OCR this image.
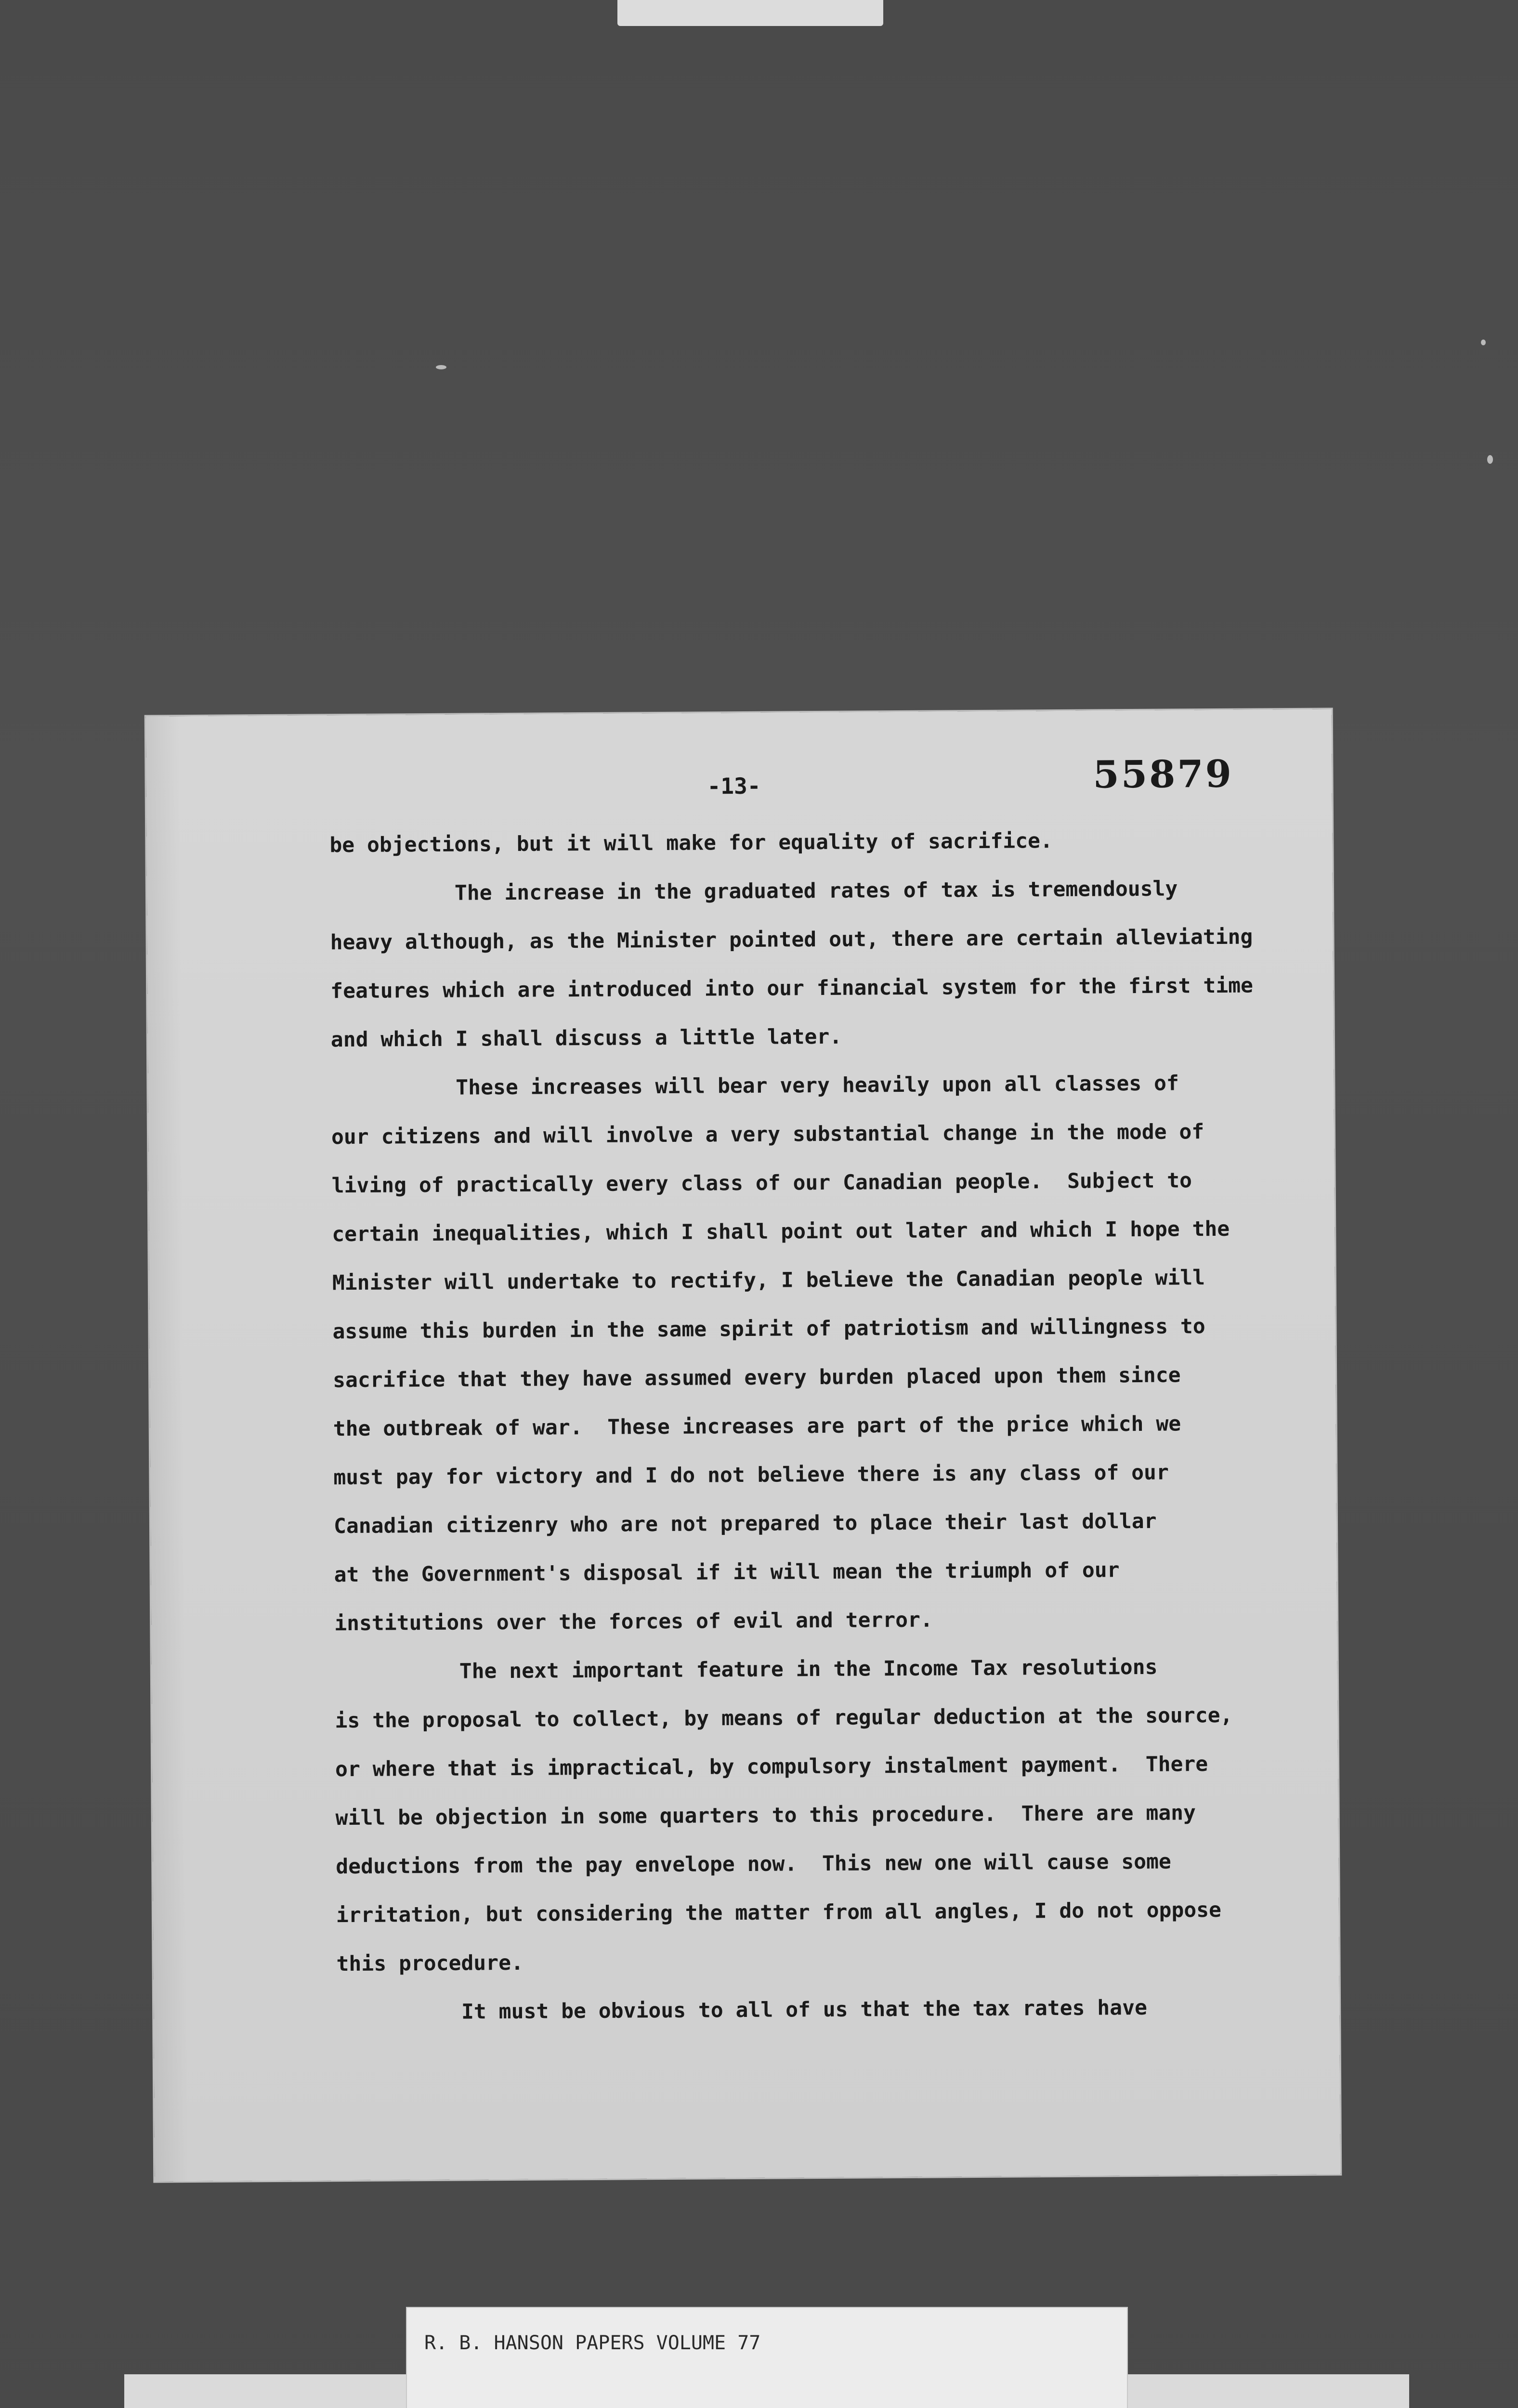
-13-	55879
be objections, but it will make for equality of sacrifice.
The increase in the graduated rates of tax is tremendously
heavy although, as the Minister pointed out, there are certain alleviating
features which are introduced into our financial system for the first time
and which I shall discuss a little later.
These increases will bear very heavily upon all classes of
our citizens and will involve a very substantial change in the mode of
living of practically every class of our Canadian people.  Subject to
certain inequalities, which I shall point out later and which I hope the
Minister will undertake to rectify, I believe the Canadian people will
assume this burden in the same spirit of patriotism and willingness to
sacrifice that they have assumed every burden placed upon them since
the outbreak of war.  These increases are part of the price which we
must pay for victory and I do not believe there is any class of our
Canadian citizenry who are not prepared to place their last dollar
at the Government's disposal if it will mean the triumph of our
institutions over the forces of evil and terror.
The next important feature in the Income Tax resolutions
is the proposal to collect, by means of regular deduction at the source,
or where that is impractical, by compulsory instalment payment.  There
will be objection in some quarters to this procedure.  There are many
deductions from the pay envelope now.  This new one will cause some
irritation, but considering the matter from all angles, I do not oppose
this procedure.
It must be obvious to all of us that the tax rates have
R. B. HANSON PAPERS VOLUME 77
